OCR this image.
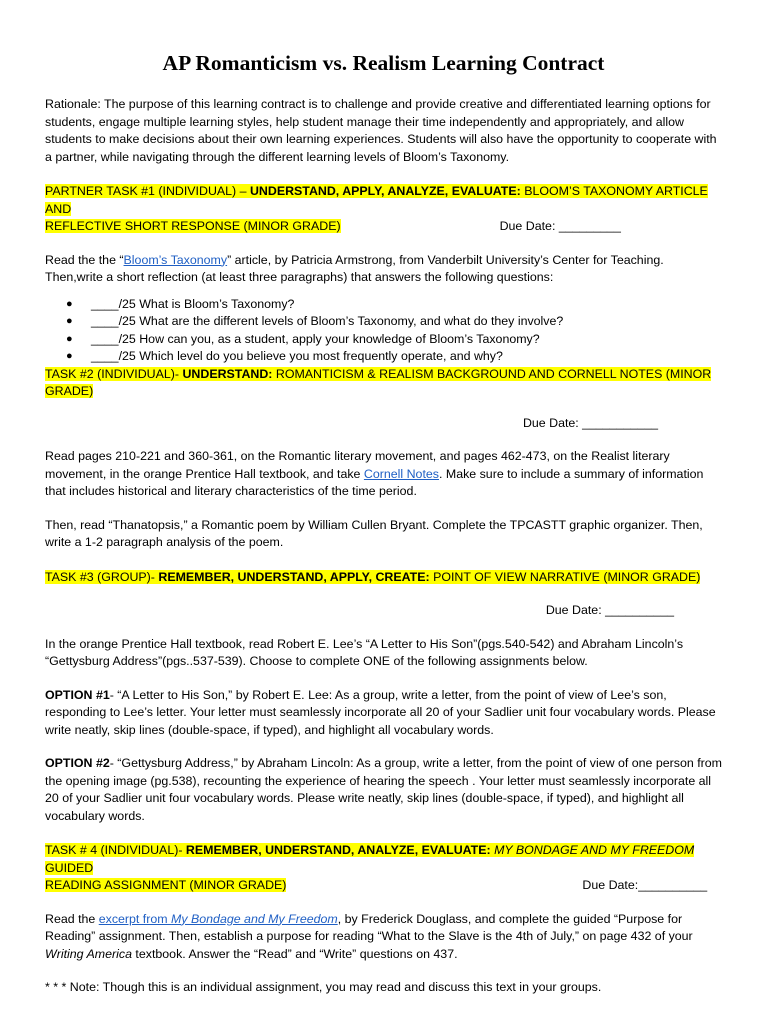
AP Romanticism vs. Realism Learning Contract

Rationale: The purpose of this learning contract is to challenge and provide creative and differentiated learning options for students, engage multiple learning styles, help student manage their time independently and appropriately, and allow students to make decisions about their own learning experiences. Students will also have the opportunity to cooperate with a partner, while navigating through the different learning levels of Bloom’s Taxonomy.

PARTNER TASK #1 (INDIVIDUAL) – UNDERSTAND, APPLY, ANALYZE, EVALUATE: BLOOM’S TAXONOMY ARTICLE AND
REFLECTIVE SHORT RESPONSE (MINOR GRADE)	Due Date: _________

Read the the “Bloom’s Taxonomy” article, by Patricia Armstrong, from Vanderbilt University’s Center for Teaching. Then,write a short reflection (at least three paragraphs) that answers the following questions:

● ____/25 What is Bloom’s Taxonomy?
● ____/25 What are the different levels of Bloom’s Taxonomy, and what do they involve?
● ____/25 How can you, as a student, apply your knowledge of Bloom’s Taxonomy?
● ____/25 Which level do you believe you most frequently operate, and why?

TASK #2 (INDIVIDUAL)- UNDERSTAND: ROMANTICISM & REALISM BACKGROUND AND CORNELL NOTES (MINOR GRADE)

Due Date: ___________

Read pages 210-221 and 360-361, on the Romantic literary movement, and pages 462-473, on the Realist literary movement, in the orange Prentice Hall textbook, and take Cornell Notes. Make sure to include a summary of information that includes historical and literary characteristics of the time period.

Then, read “Thanatopsis,” a Romantic poem by William Cullen Bryant. Complete the TPCASTT graphic organizer. Then, write a 1-2 paragraph analysis of the poem.

TASK #3 (GROUP)- REMEMBER, UNDERSTAND, APPLY, CREATE: POINT OF VIEW NARRATIVE (MINOR GRADE)

Due Date: __________

In the orange Prentice Hall textbook, read Robert E. Lee’s “A Letter to His Son”(pgs.540-542) and Abraham Lincoln’s “Gettysburg Address”(pgs..537-539). Choose to complete ONE of the following assignments below.

OPTION #1- “A Letter to His Son,” by Robert E. Lee: As a group, write a letter, from the point of view of Lee’s son, responding to Lee’s letter. Your letter must seamlessly incorporate all 20 of your Sadlier unit four vocabulary words. Please write neatly, skip lines (double-space, if typed), and highlight all vocabulary words.

OPTION #2- “Gettysburg Address,” by Abraham Lincoln: As a group, write a letter, from the point of view of one person from the opening image (pg.538), recounting the experience of hearing the speech . Your letter must seamlessly incorporate all 20 of your Sadlier unit four vocabulary words. Please write neatly, skip lines (double-space, if typed), and highlight all vocabulary words.

TASK # 4 (INDIVIDUAL)- REMEMBER, UNDERSTAND, ANALYZE, EVALUATE: MY BONDAGE AND MY FREEDOM GUIDED
READING ASSIGNMENT (MINOR GRADE)	Due Date:__________

Read the excerpt from My Bondage and My Freedom, by Frederick Douglass, and complete the guided “Purpose for Reading” assignment. Then, establish a purpose for reading “What to the Slave is the 4th of July,” on page 432 of your Writing America textbook. Answer the “Read” and “Write” questions on 437.

* * * Note: Though this is an individual assignment, you may read and discuss this text in your groups.
